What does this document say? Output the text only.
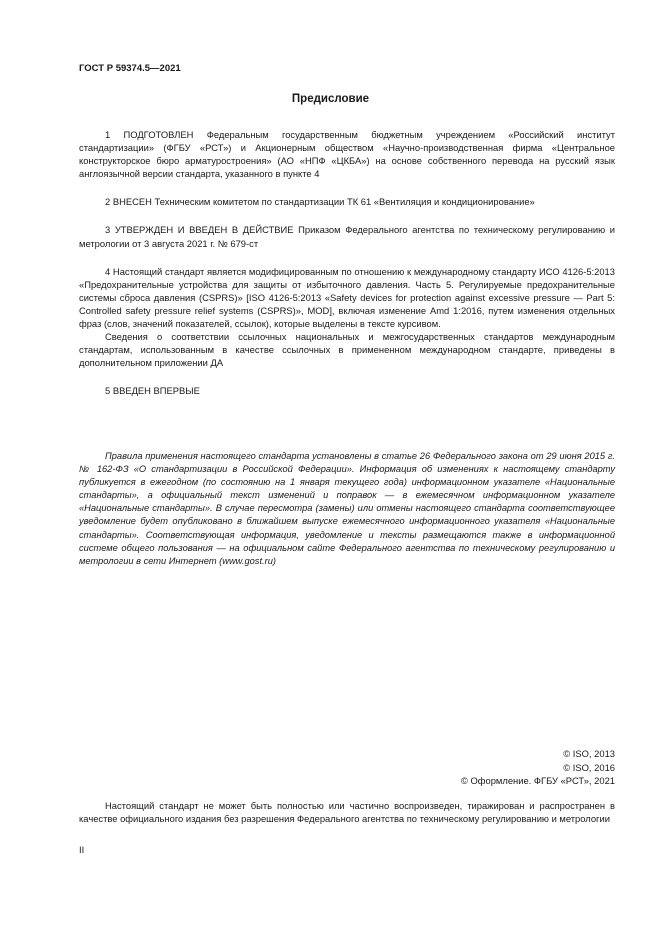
ГОСТ Р 59374.5—2021
Предисловие

1 ПОДГОТОВЛЕН Федеральным государственным бюджетным учреждением «Российский институт стандартизации» (ФГБУ «РСТ») и Акционерным обществом «Научно-производственная фирма «Центральное конструкторское бюро арматуростроения» (АО «НПФ «ЦКБА») на основе собственного перевода на русский язык англоязычной версии стандарта, указанного в пункте 4

2 ВНЕСЕН Техническим комитетом по стандартизации ТК 61 «Вентиляция и кондиционирование»

3 УТВЕРЖДЕН И ВВЕДЕН В ДЕЙСТВИЕ Приказом Федерального агентства по техническому регулированию и метрологии от 3 августа 2021 г. № 679-ст

4 Настоящий стандарт является модифицированным по отношению к международному стандарту ИСО 4126-5:2013 «Предохранительные устройства для защиты от избыточного давления. Часть 5. Регулируемые предохранительные системы сброса давления (CSPRS)» [ISO 4126-5:2013 «Safety devices for protection against excessive pressure — Part 5: Controlled safety pressure relief systems (CSPRS)», MOD], включая изменение Amd 1:2016, путем изменения отдельных фраз (слов, значений показателей, ссылок), которые выделены в тексте курсивом.

Сведения о соответствии ссылочных национальных и межгосударственных стандартов международным стандартам, использованным в качестве ссылочных в примененном международном стандарте, приведены в дополнительном приложении ДА

5 ВВЕДЕН ВПЕРВЫЕ

Правила применения настоящего стандарта установлены в статье 26 Федерального закона от 29 июня 2015 г. № 162-ФЗ «О стандартизации в Российской Федерации». Информация об изменениях к настоящему стандарту публикуется в ежегодном (по состоянию на 1 января текущего года) информационном указателе «Национальные стандарты», а официальный текст изменений и поправок — в ежемесячном информационном указателе «Национальные стандарты». В случае пересмотра (замены) или отмены настоящего стандарта соответствующее уведомление будет опубликовано в ближайшем выпуске ежемесячного информационного указателя «Национальные стандарты». Соответствующая информация, уведомление и тексты размещаются также в информационной системе общего пользования — на официальном сайте Федерального агентства по техническому регулированию и метрологии в сети Интернет (www.gost.ru)

© ISO, 2013
© ISO, 2016
© Оформление. ФГБУ «РСТ», 2021

Настоящий стандарт не может быть полностью или частично воспроизведен, тиражирован и распространен в качестве официального издания без разрешения Федерального агентства по техническому регулированию и метрологии

II
